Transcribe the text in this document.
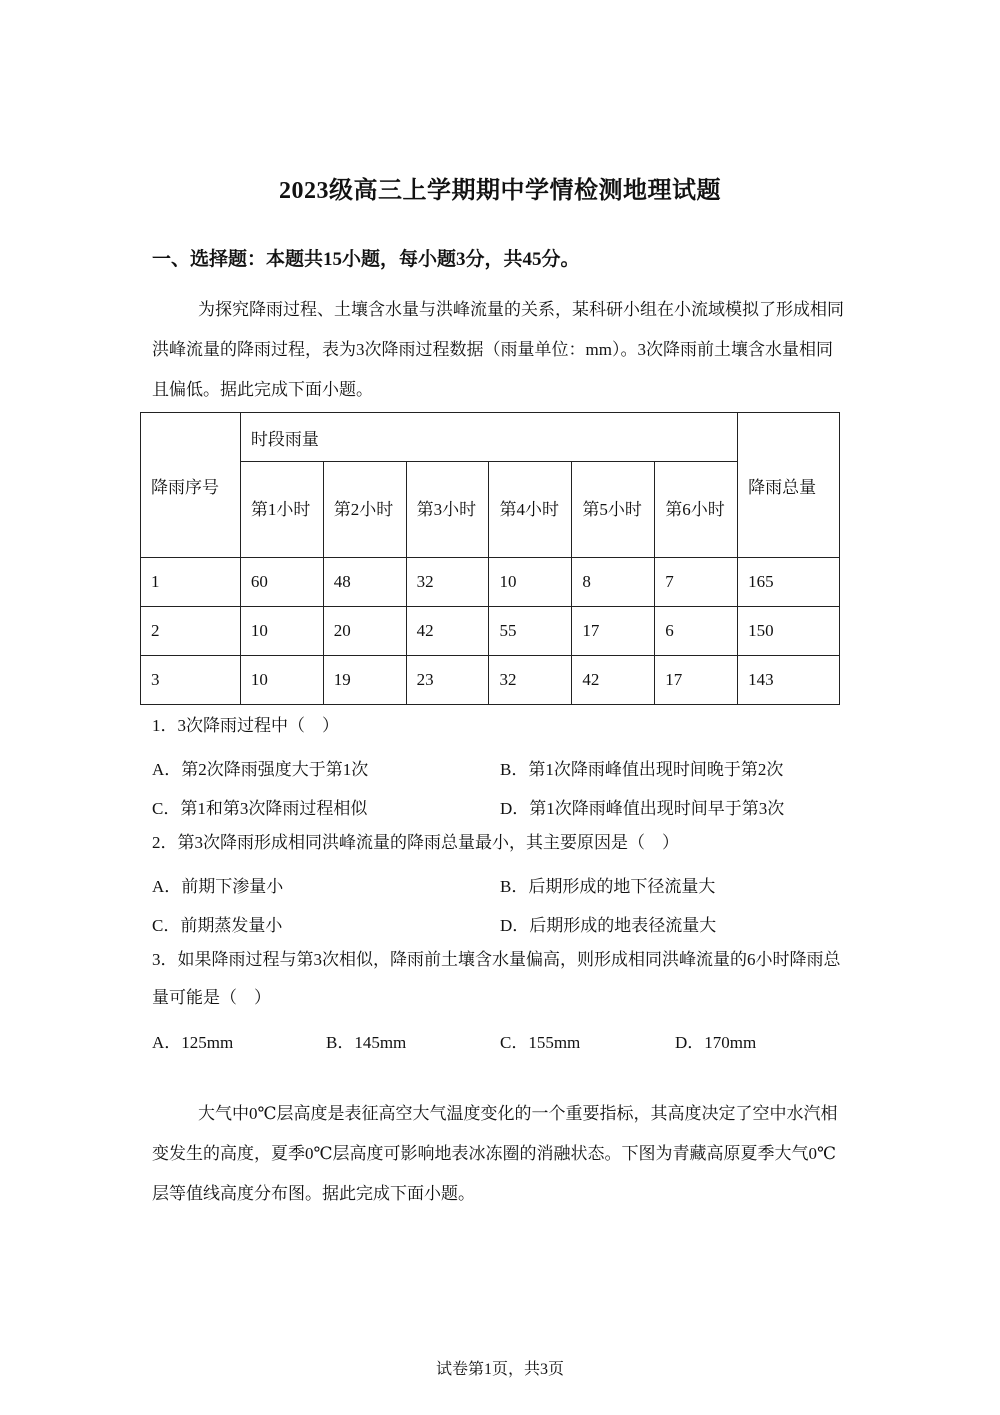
2023级高三上学期期中学情检测地理试题
一、选择题：本题共15小题，每小题3分，共45分。
为探究降雨过程、土壤含水量与洪峰流量的关系，某科研小组在小流域模拟了形成相同洪峰流量的降雨过程，表为3次降雨过程数据（雨量单位：mm）。3次降雨前土壤含水量相同且偏低。据此完成下面小题。
降雨序号	时段雨量						降雨总量
	第1小时	第2小时	第3小时	第4小时	第5小时	第6小时	
1	60	48	32	10	8	7	165
2	10	20	42	55	17	6	150
3	10	19	23	32	42	17	143
1．3次降雨过程中（　）
A．第2次降雨强度大于第1次	B．第1次降雨峰值出现时间晚于第2次
C．第1和第3次降雨过程相似	D．第1次降雨峰值出现时间早于第3次
2．第3次降雨形成相同洪峰流量的降雨总量最小，其主要原因是（　）
A．前期下渗量小	B．后期形成的地下径流量大
C．前期蒸发量小	D．后期形成的地表径流量大
3．如果降雨过程与第3次相似，降雨前土壤含水量偏高，则形成相同洪峰流量的6小时降雨总量可能是（　）
A．125mm	B．145mm	C．155mm	D．170mm
大气中0℃层高度是表征高空大气温度变化的一个重要指标，其高度决定了空中水汽相变发生的高度，夏季0℃层高度可影响地表冰冻圈的消融状态。下图为青藏高原夏季大气0℃层等值线高度分布图。据此完成下面小题。
试卷第1页，共3页
